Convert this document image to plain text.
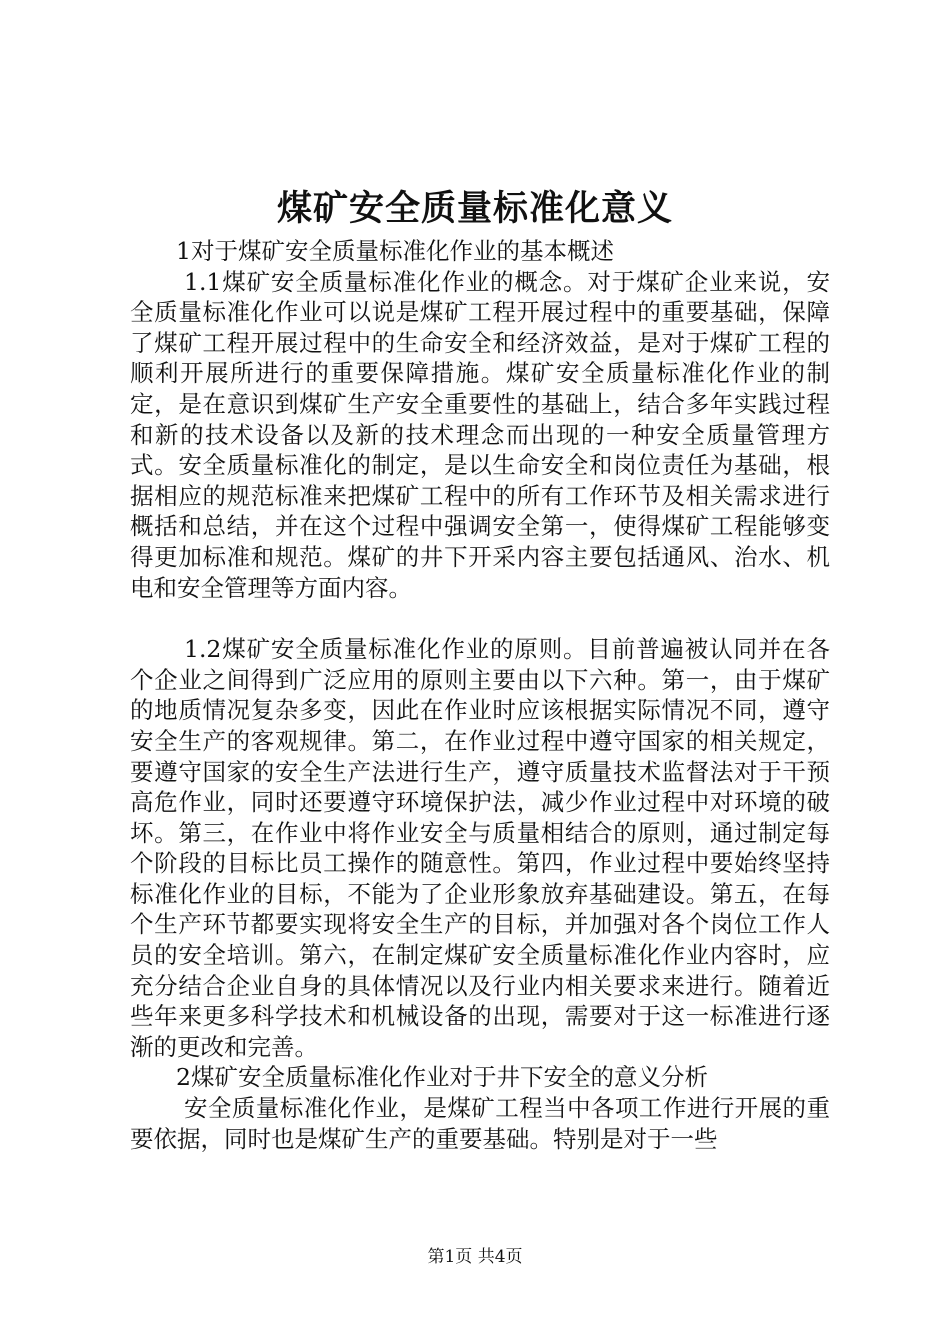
煤矿安全质量标准化意义

1对于煤矿安全质量标准化作业的基本概述

1.1煤矿安全质量标准化作业的概念。对于煤矿企业来说，安全质量标准化作业可以说是煤矿工程开展过程中的重要基础，保障了煤矿工程开展过程中的生命安全和经济效益，是对于煤矿工程的顺利开展所进行的重要保障措施。煤矿安全质量标准化作业的制定，是在意识到煤矿生产安全重要性的基础上，结合多年实践过程和新的技术设备以及新的技术理念而出现的一种安全质量管理方式。安全质量标准化的制定，是以生命安全和岗位责任为基础，根据相应的规范标准来把煤矿工程中的所有工作环节及相关需求进行概括和总结，并在这个过程中强调安全第一，使得煤矿工程能够变得更加标准和规范。煤矿的井下开采内容主要包括通风、治水、机电和安全管理等方面内容。

1.2煤矿安全质量标准化作业的原则。目前普遍被认同并在各个企业之间得到广泛应用的原则主要由以下六种。第一，由于煤矿的地质情况复杂多变，因此在作业时应该根据实际情况不同，遵守安全生产的客观规律。第二，在作业过程中遵守国家的相关规定，要遵守国家的安全生产法进行生产，遵守质量技术监督法对于干预高危作业，同时还要遵守环境保护法，减少作业过程中对环境的破坏。第三，在作业中将作业安全与质量相结合的原则，通过制定每个阶段的目标比员工操作的随意性。第四，作业过程中要始终坚持标准化作业的目标，不能为了企业形象放弃基础建设。第五，在每个生产环节都要实现将安全生产的目标，并加强对各个岗位工作人员的安全培训。第六，在制定煤矿安全质量标准化作业内容时，应充分结合企业自身的具体情况以及行业内相关要求来进行。随着近些年来更多科学技术和机械设备的出现，需要对于这一标准进行逐渐的更改和完善。

2煤矿安全质量标准化作业对于井下安全的意义分析

安全质量标准化作业，是煤矿工程当中各项工作进行开展的重要依据，同时也是煤矿生产的重要基础。特别是对于一些

第1页 共4页
